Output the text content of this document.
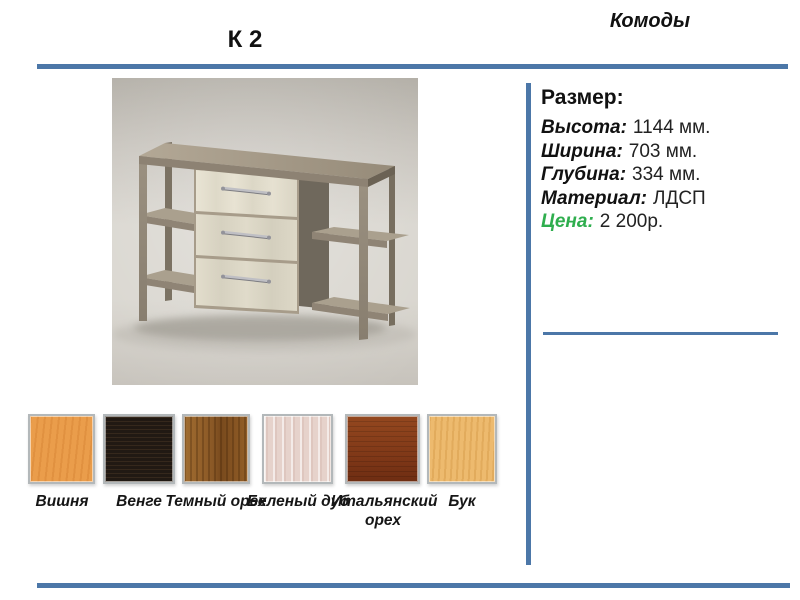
К 2
Комоды
Размер:
Высота: 1144 мм.
Ширина: 703 мм.
Глубина: 334 мм.
Материал: ЛДСП
Цена: 2 200р.
Вишня	Венге Темный орех
Беленый дуб
Итальянский орех
Бук
